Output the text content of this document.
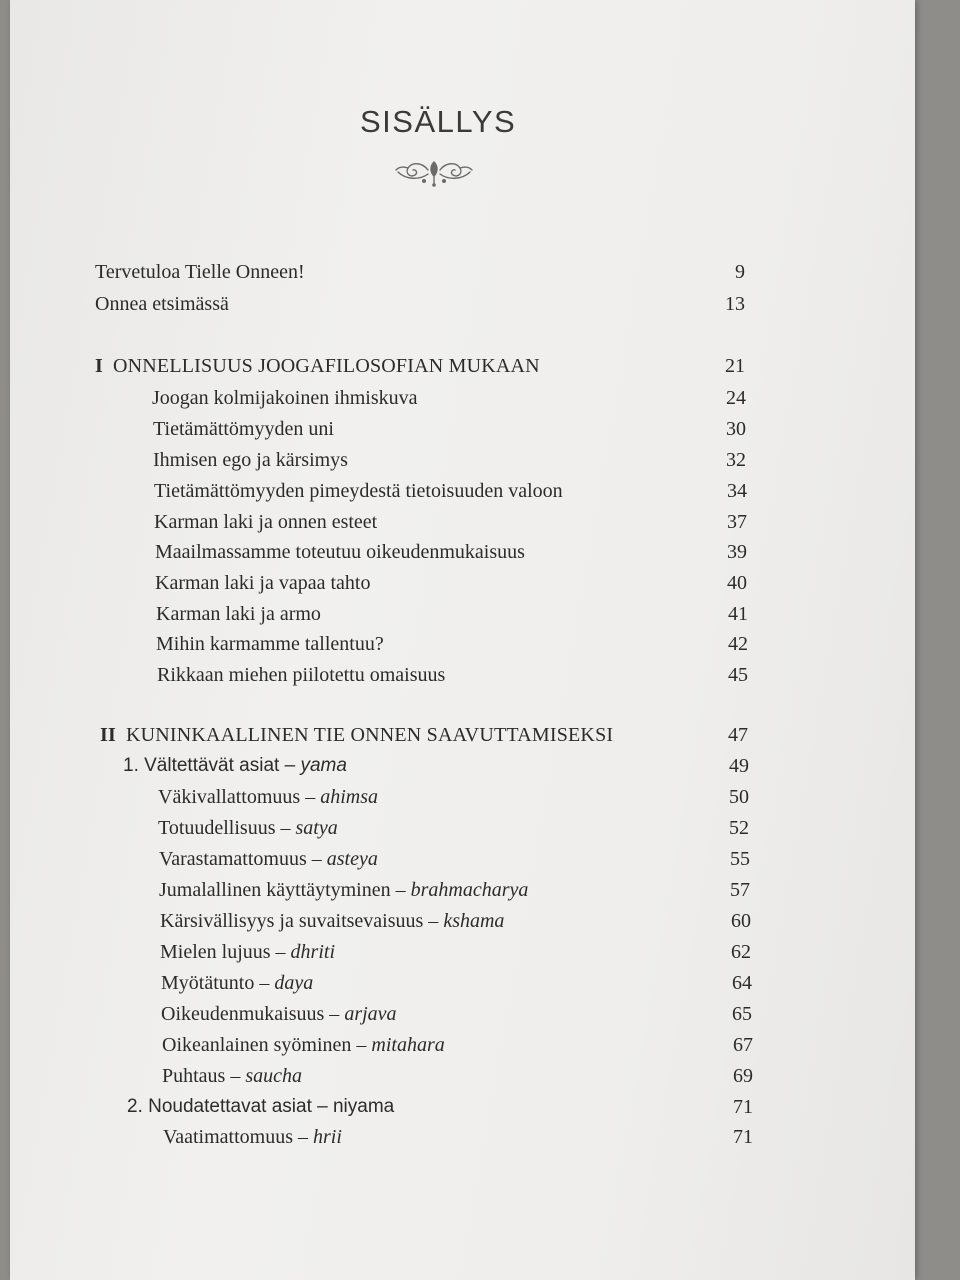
SISÄLLYS
Tervetuloa Tielle Onneen!	9
Onnea etsimässä	13
I ONNELLISUUS JOOGAFILOSOFIAN MUKAAN	21
Joogan kolmijakoinen ihmiskuva	24
Tietämättömyyden uni	30
Ihmisen ego ja kärsimys	32
Tietämättömyyden pimeydestä tietoisuuden valoon	34
Karman laki ja onnen esteet	37
Maailmassamme toteutuu oikeudenmukaisuus	39
Karman laki ja vapaa tahto	40
Karman laki ja armo	41
Mihin karmamme tallentuu?	42
Rikkaan miehen piilotettu omaisuus	45
II KUNINKAALLINEN TIE ONNEN SAAVUTTAMISEKSI	47
1. Vältettävät asiat – yama	49
Väkivallattomuus – ahimsa	50
Totuudellisuus – satya	52
Varastamattomuus – asteya	55
Jumalallinen käyttäytyminen – brahmacharya	57
Kärsivällisyys ja suvaitsevaisuus – kshama	60
Mielen lujuus – dhriti	62
Myötätunto – daya	64
Oikeudenmukaisuus – arjava	65
Oikeanlainen syöminen – mitahara	67
Puhtaus – saucha	69
2. Noudatettavat asiat – niyama	71
Vaatimattomuus – hrii	71
